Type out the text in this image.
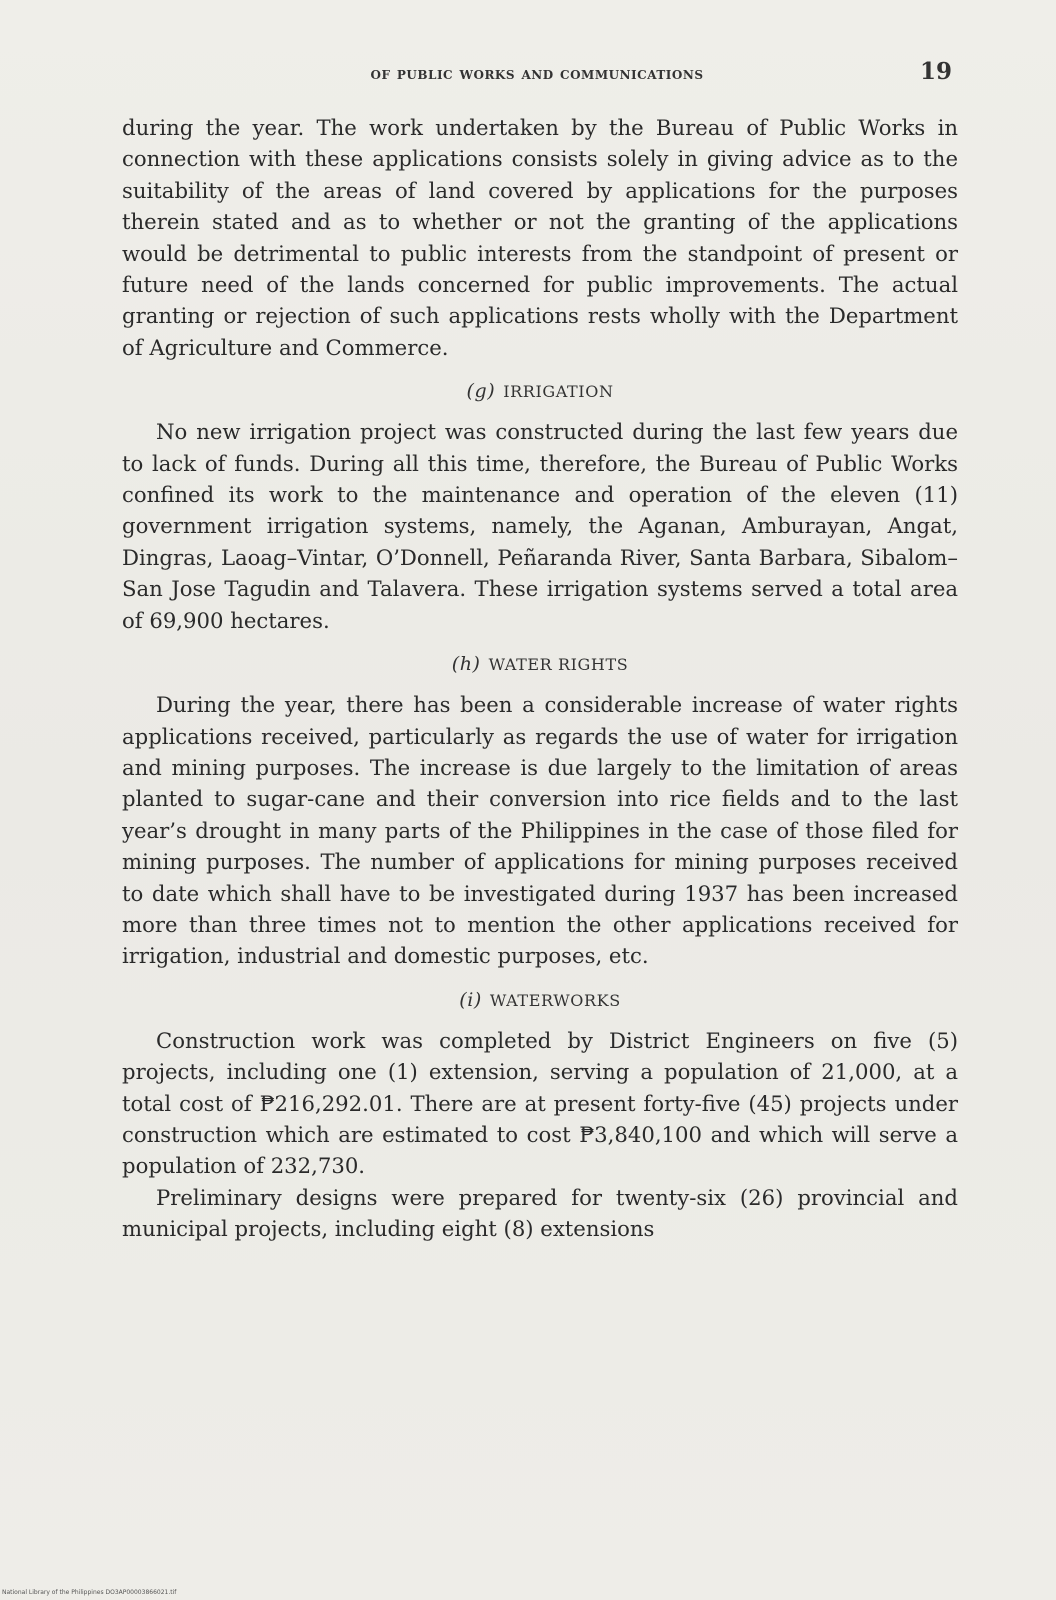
of public works and communications	19

during the year. The work undertaken by the Bureau of Public Works in connection with these applications consists solely in giving advice as to the suitability of the areas of land covered by applications for the purposes therein stated and as to whether or not the granting of the applications would be detrimental to public interests from the standpoint of present or future need of the lands concerned for public improvements. The actual granting or rejection of such applications rests wholly with the Department of Agriculture and Commerce.

(g) IRRIGATION

No new irrigation project was constructed during the last few years due to lack of funds. During all this time, therefore, the Bureau of Public Works confined its work to the maintenance and operation of the eleven (11) government irrigation systems, namely, the Aganan, Amburayan, Angat, Dingras, Laoag–Vintar, O’Donnell, Peñaranda River, Santa Barbara, Sibalom–San Jose Tagudin and Talavera. These irrigation systems served a total area of 69,900 hectares.

(h) WATER RIGHTS

During the year, there has been a considerable increase of water rights applications received, particularly as regards the use of water for irrigation and mining purposes. The increase is due largely to the limitation of areas planted to sugar-cane and their conversion into rice fields and to the last year’s drought in many parts of the Philippines in the case of those filed for mining purposes. The number of applications for mining purposes received to date which shall have to be investigated during 1937 has been increased more than three times not to mention the other applications received for irrigation, industrial and domestic purposes, etc.

(i) WATERWORKS

Construction work was completed by District Engineers on five (5) projects, including one (1) extension, serving a population of 21,000, at a total cost of ₱216,292.01. There are at present forty-five (45) projects under construction which are estimated to cost ₱3,840,100 and which will serve a population of 232,730.

Preliminary designs were prepared for twenty-six (26) provincial and municipal projects, including eight (8) extensions

National Library of the Philippines DO3AP00003866021.tif
